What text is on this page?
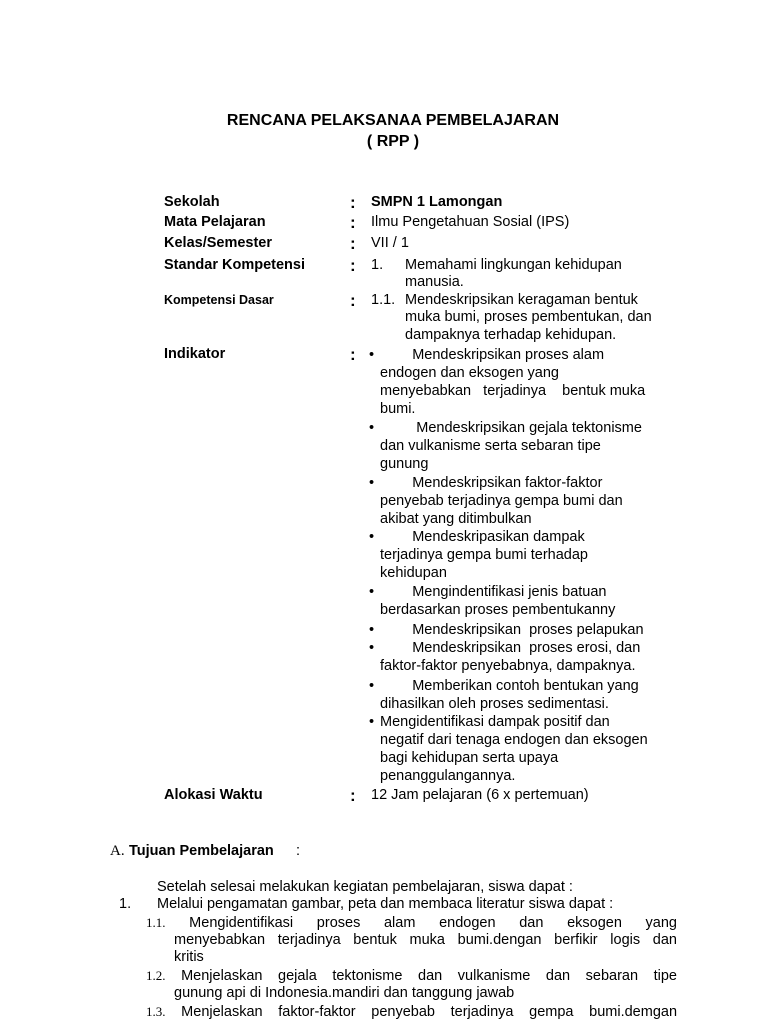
RENCANA PELAKSANAA PEMBELAJARAN
( RPP )
Sekolah	: SMPN 1 Lamongan
Mata Pelajaran	: Ilmu Pengetahuan Sosial (IPS)
Kelas/Semester	: VII / 1
Standar Kompetensi	: 1. Memahami lingkungan kehidupan
manusia.
Kompetensi Dasar	: 1.1. Mendeskripsikan keragaman bentuk
muka bumi, proses pembentukan, dan
dampaknya terhadap kehidupan.
Indikator	: • Mendeskripsikan proses alam
endogen dan eksogen yang
menyebabkan   terjadinya    bentuk muka
bumi.
• Mendeskripsikan gejala tektonisme
dan vulkanisme serta sebaran tipe
gunung
• Mendeskripsikan faktor-faktor
penyebab terjadinya gempa bumi dan
akibat yang ditimbulkan
• Mendeskripasikan dampak
terjadinya gempa bumi terhadap
kehidupan
• Mengindentifikasi jenis batuan
berdasarkan proses pembentukanny
• Mendeskripsikan  proses pelapukan
• Mendeskripsikan  proses erosi, dan
faktor-faktor penyebabnya, dampaknya.
• Memberikan contoh bentukan yang
dihasilkan oleh proses sedimentasi.
• Mengidentifikasi dampak positif dan
negatif dari tenaga endogen dan eksogen
bagi kehidupan serta upaya
penanggulangannya.
Alokasi Waktu	: 12 Jam pelajaran (6 x pertemuan)
A. Tujuan Pembelajaran :
Setelah selesai melakukan kegiatan pembelajaran, siswa dapat :
1. Melalui pengamatan gambar, peta dan membaca literatur siswa dapat :
1.1. Mengidentifikasi proses alam endogen dan eksogen yang
menyebabkan terjadinya bentuk muka bumi.dengan berfikir logis dan
kritis
1.2. Menjelaskan gejala tektonisme dan vulkanisme dan sebaran tipe
gunung api di Indonesia.mandiri dan tanggung jawab
1.3. Menjelaskan faktor-faktor penyebab terjadinya gempa bumi.demgan
